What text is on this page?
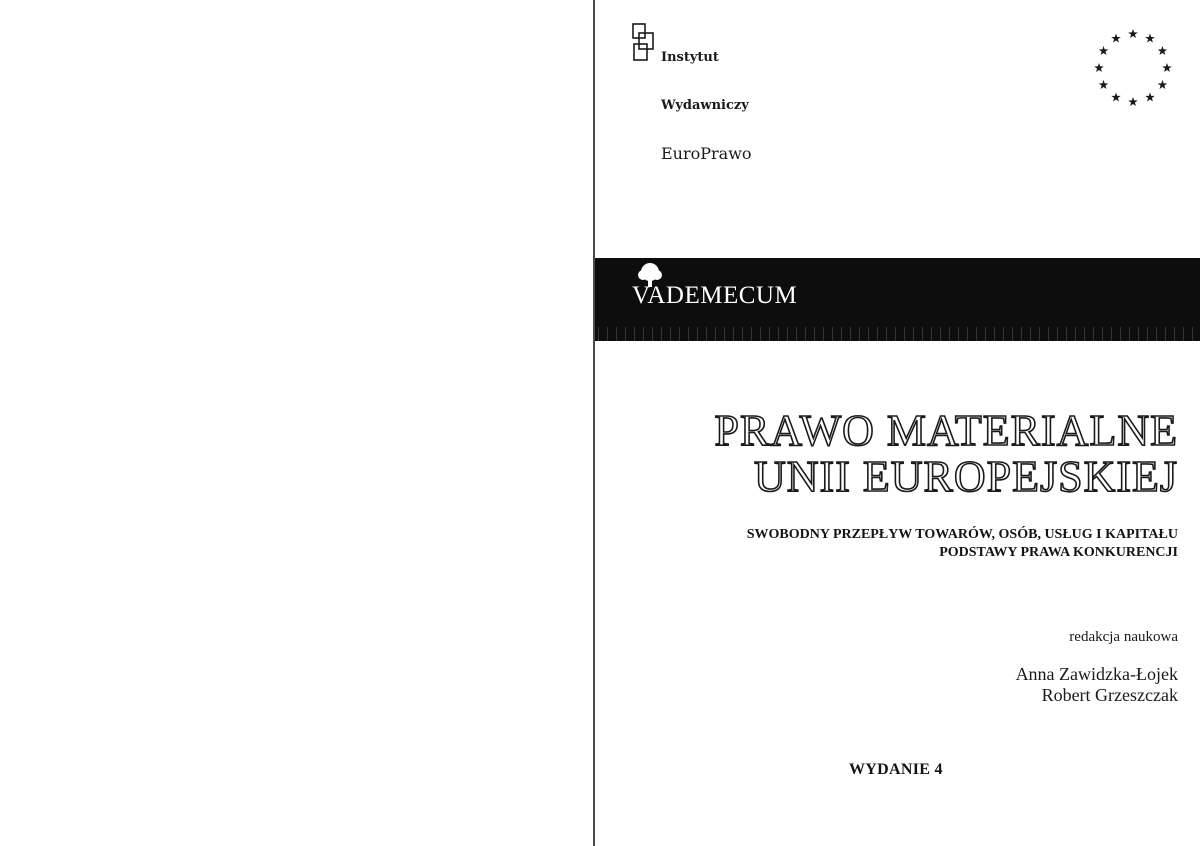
Instytut

Wydawniczy

EuroPrawo

VADEMECUM
PRAWO MATERIALNE
UNII EUROPEJSKIEJ
SWOBODNY PRZEPŁYW TOWARÓW, OSÓB, USŁUG I KAPITAŁU
PODSTAWY PRAWA KONKURENCJI
redakcja naukowa
Anna Zawidzka-Łojek
Robert Grzeszczak
WYDANIE 4
